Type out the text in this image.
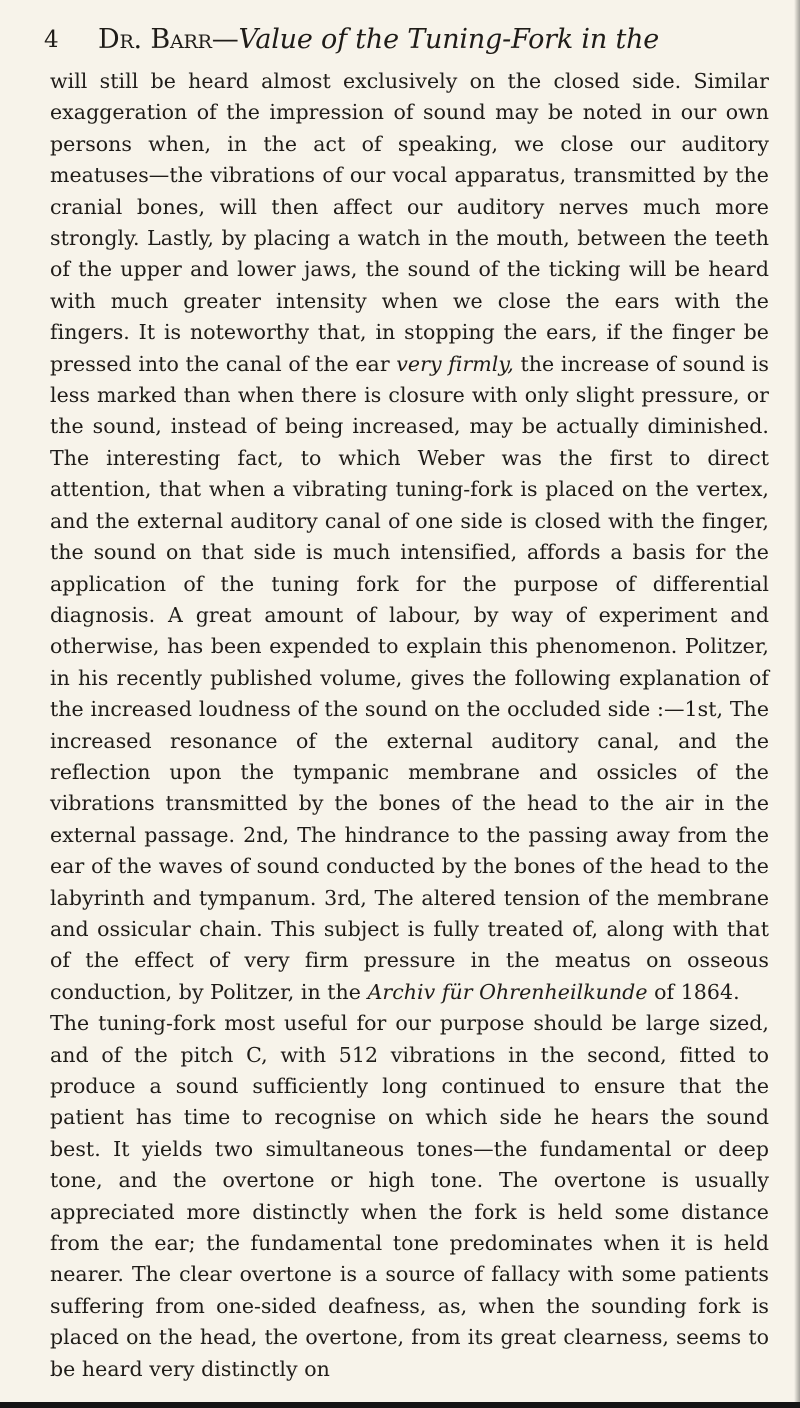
4 Dr. Barr—Value of the Tuning-Fork in the

will still be heard almost exclusively on the closed side. Similar exaggeration of the impression of sound may be noted in our own persons when, in the act of speaking, we close our auditory meatuses—the vibrations of our vocal apparatus, transmitted by the cranial bones, will then affect our auditory nerves much more strongly. Lastly, by placing a watch in the mouth, between the teeth of the upper and lower jaws, the sound of the ticking will be heard with much greater intensity when we close the ears with the fingers. It is noteworthy that, in stopping the ears, if the finger be pressed into the canal of the ear very firmly, the increase of sound is less marked than when there is closure with only slight pressure, or the sound, instead of being increased, may be actually diminished. The interesting fact, to which Weber was the first to direct attention, that when a vibrating tuning-fork is placed on the vertex, and the external auditory canal of one side is closed with the finger, the sound on that side is much intensified, affords a basis for the application of the tuning fork for the purpose of differential diagnosis. A great amount of labour, by way of experiment and otherwise, has been expended to explain this phenomenon. Politzer, in his recently published volume, gives the following explanation of the increased loudness of the sound on the occluded side :—1st, The increased resonance of the external auditory canal, and the reflection upon the tympanic membrane and ossicles of the vibrations transmitted by the bones of the head to the air in the external passage. 2nd, The hindrance to the passing away from the ear of the waves of sound conducted by the bones of the head to the labyrinth and tympanum. 3rd, The altered tension of the membrane and ossicular chain. This subject is fully treated of, along with that of the effect of very firm pressure in the meatus on osseous conduction, by Politzer, in the Archiv für Ohrenheilkunde of 1864.

The tuning-fork most useful for our purpose should be large sized, and of the pitch C, with 512 vibrations in the second, fitted to produce a sound sufficiently long continued to ensure that the patient has time to recognise on which side he hears the sound best. It yields two simultaneous tones—the fundamental or deep tone, and the overtone or high tone. The overtone is usually appreciated more distinctly when the fork is held some distance from the ear; the fundamental tone predominates when it is held nearer. The clear overtone is a source of fallacy with some patients suffering from one-sided deafness, as, when the sounding fork is placed on the head, the overtone, from its great clearness, seems to be heard very distinctly on
